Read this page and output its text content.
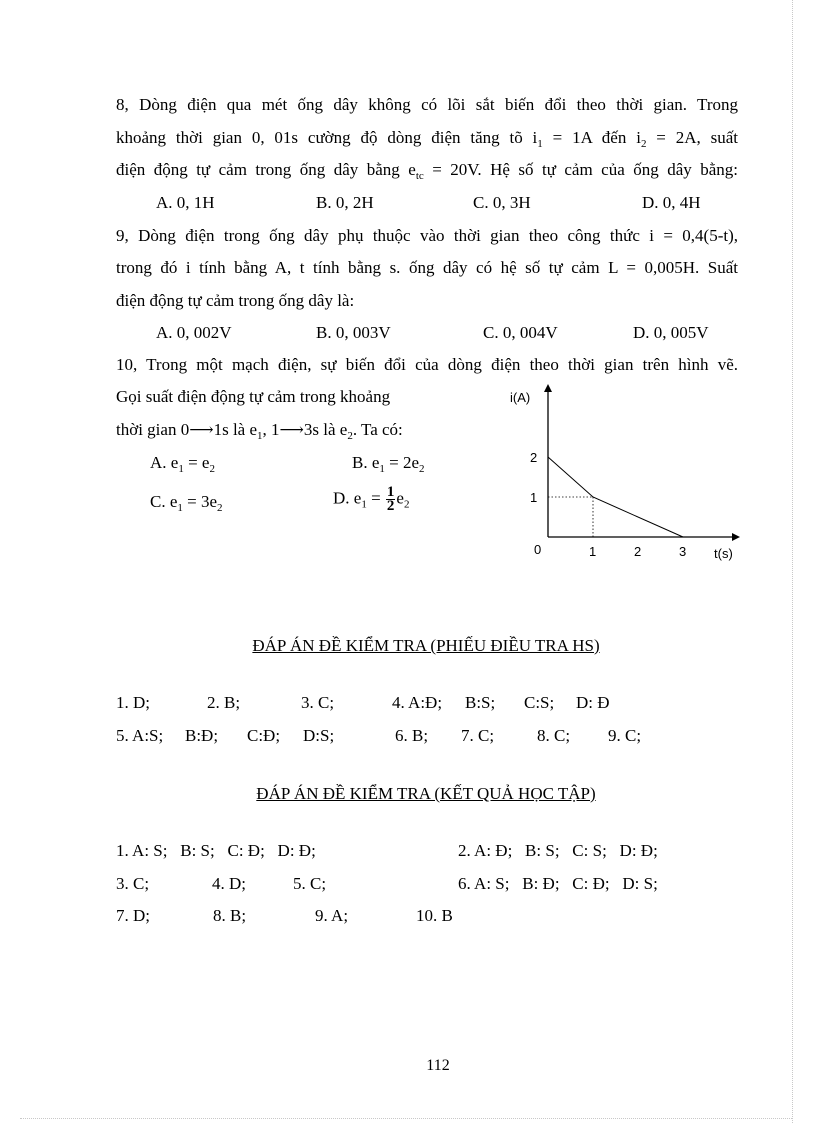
8, Dòng điện qua mét ống dây không có lõi sắt biến đổi theo thời gian. Trong
khoảng thời gian 0, 01s cường độ dòng điện tăng tõ $i_1 = 1A$ đến $i_2 = 2A$, suất
điện động tự cảm trong ống dây bằng $e_{tc} = 20V$. Hệ số tự cảm của ống dây bằng:
A. 0, 1H	B. 0, 2H	C. 0, 3H	D. 0, 4H
9, Dòng điện trong ống dây phụ thuộc vào thời gian theo công thức i = 0,4(5-t),
trong đó i tính bằng A, t tính bằng s. ống dây có hệ số tự cảm L = 0,005H. Suất
điện động tự cảm trong ống dây là:
A. 0, 002V	B. 0, 003V	C. 0, 004V	D. 0, 005V
10, Trong một mạch điện, sự biến đổi của dòng điện theo thời gian trên hình vẽ.
Gọi suất điện động tự cảm trong khoảng
thời gian 0⟶1s là $e_1$, 1⟶3s là $e_2$. Ta có:
A. $e_1 = e_2$	B. $e_1 = 2e_2$
C. $e_1 = 3e_2$
D. $e_1 = \frac{1}{2} e_2$
i(A)
t(s)
0	1	2	3
1
2
ĐÁP ÁN ĐỀ KIỂM TRA (PHIẾU ĐIỀU TRA HS)
1. D;	2. B;	3. C;	4. A:Đ; B:S; C:S; D: Đ
5. A:S; B:Đ; C:Đ; D:S;	6. B; 7. C;	8. C; 9. C;
ĐÁP ÁN ĐỀ KIỂM TRA (KẾT QUẢ HỌC TẬP)
1. A: S;   B: S;   C: Đ;   D: Đ;	2. A: Đ;   B: S;   C: S;   D: Đ;
3. C;	4. D;	5. C;	6. A: S;   B: Đ;   C: Đ;   D: S;
7. D;	8. B;	9. A;	10. B
112
